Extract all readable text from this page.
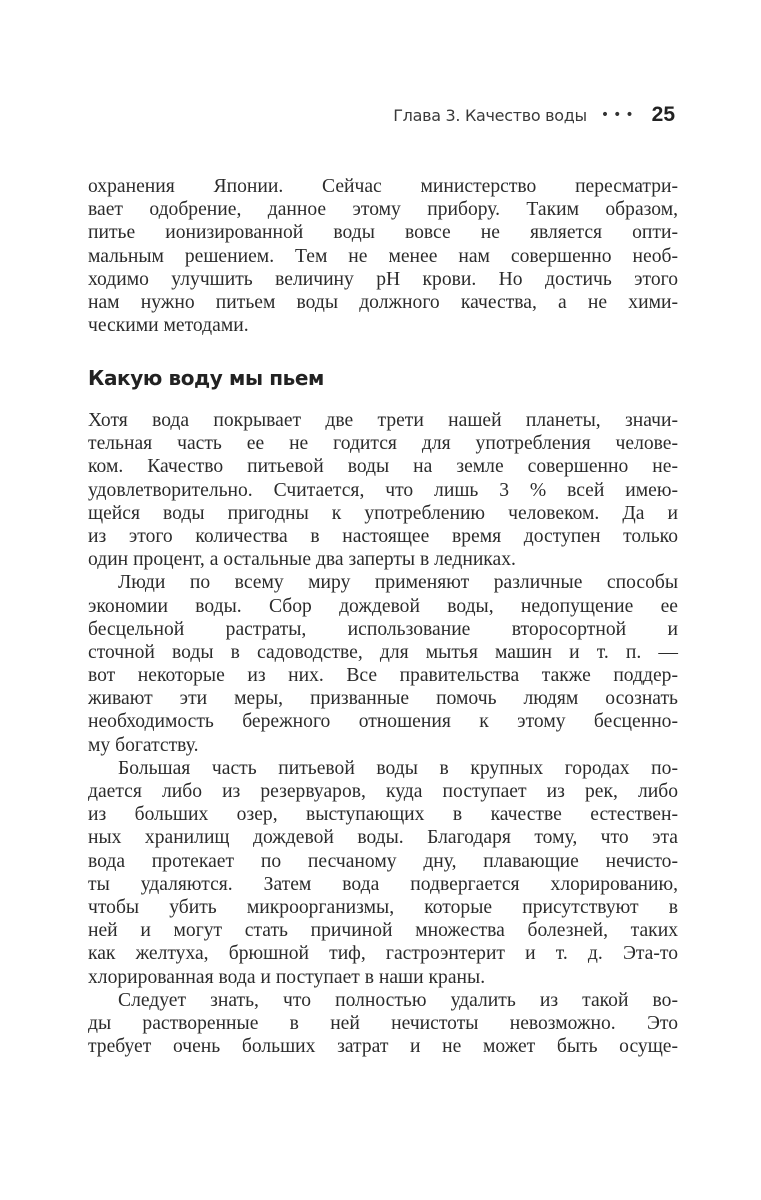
Глава 3. Качество воды ••• 25
охранения Японии. Сейчас министерство пересматри-
вает одобрение, данное этому прибору. Таким образом,
питье ионизированной воды вовсе не является опти-
мальным решением. Тем не менее нам совершенно необ-
ходимо улучшить величину pH крови. Но достичь этого
нам нужно питьем воды должного качества, а не хими-
ческими методами.
Какую воду мы пьем
Хотя вода покрывает две трети нашей планеты, значи-
тельная часть ее не годится для употребления челове-
ком. Качество питьевой воды на земле совершенно не-
удовлетворительно. Считается, что лишь 3 % всей имею-
щейся воды пригодны к употреблению человеком. Да и
из этого количества в настоящее время доступен только
один процент, а остальные два заперты в ледниках.
Люди по всему миру применяют различные способы
экономии воды. Сбор дождевой воды, недопущение ее
бесцельной растраты, использование второсортной и
сточной воды в садоводстве, для мытья машин и т. п. —
вот некоторые из них. Все правительства также поддер-
живают эти меры, призванные помочь людям осознать
необходимость бережного отношения к этому бесценно-
му богатству.
Большая часть питьевой воды в крупных городах по-
дается либо из резервуаров, куда поступает из рек, либо
из больших озер, выступающих в качестве естествен-
ных хранилищ дождевой воды. Благодаря тому, что эта
вода протекает по песчаному дну, плавающие нечисто-
ты удаляются. Затем вода подвергается хлорированию,
чтобы убить микроорганизмы, которые присутствуют в
ней и могут стать причиной множества болезней, таких
как желтуха, брюшной тиф, гастроэнтерит и т. д. Эта-то
хлорированная вода и поступает в наши краны.
Следует знать, что полностью удалить из такой во-
ды растворенные в ней нечистоты невозможно. Это
требует очень больших затрат и не может быть осуще-
